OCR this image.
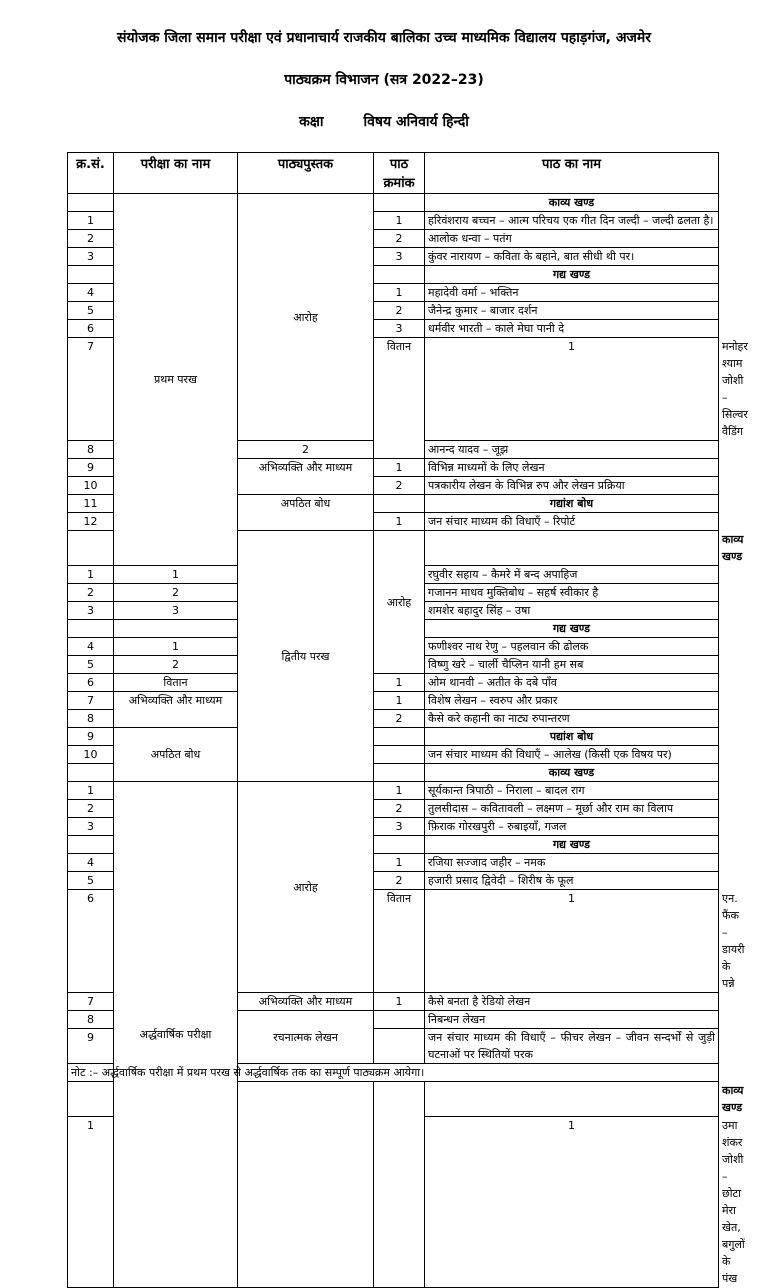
संयोजक जिला समान परीक्षा एवं प्रधानाचार्य राजकीय बालिका उच्च माध्यमिक विद्यालय पहाड़गंज, अजमेर
पाठ्यक्रम विभाजन (सत्र 2022–23)
कक्षा	विषय अनिवार्य हिन्दी
क्र.सं.	परीक्षा का नाम	पाठ्यपुस्तक	पाठ क्रमांक	पाठ का नाम	
	प्रथम परख	आरोह		काव्य खण्ड	
1			1	हरिवंशराय बच्चन – आत्म परिचय एक गीत दिन जल्दी – जल्दी ढलता है।	
2			2	आलोक धन्वा – पतंग	
3			3	कुंवर नारायण – कविता के बहाने, बात सीधी थी पर।	
				गद्य खण्ड	
4			1	महादेवी वर्मा – भक्तिन	
5			2	जैनेन्द्र कुमार – बाजार दर्शन	
6			3	धर्मवीर भारती – काले मेघा पानी दे	
7			वितान	1	मनोहर श्याम जोशी – सिल्वर वैडिंग
8		2		आनन्द यादव – जूझ	
9		अभिव्यक्ति और माध्यम	1	विभिन्न माध्यमों के लिए लेखन	
10			2	पत्रकारीय लेखन के विभिन्न रुप और लेखन प्रक्रिया	
11		अपठित बोध		गद्यांश बोध	
12			1	जन संचार माध्यम की विधाएँ – रिपोर्ट	
		द्वितीय परख	आरोह		काव्य खण्ड
1	1			रघुवीर सहाय – कैमरे में बन्द अपाहिज	
2	2			गजानन माधव मुक्तिबोध – सहर्ष स्वीकार है	
3	3			शमशेर बहादुर सिंह – उषा	
				गद्य खण्ड	
4	1			फणीश्वर नाथ रेणु – पहलवान की ढोलक	
5	2			विष्णु खरे – चार्ली चैप्लिन यानी हम सब	
6	वितान		1	ओम थानवी – अतीत के दबे पाँव	
7	अभिव्यक्ति और माध्यम		1	विशेष लेखन – स्वरुप और प्रकार	
8			2	कैसे करे कहानी का नाट्य रुपान्तरण	
9	अपठित बोध			पद्यांश बोध	
10				जन संचार माध्यम की विधाएँ – आलेख (किसी एक विषय पर)	
				काव्य खण्ड	
1	अर्द्धवार्षिक परीक्षा	आरोह	1	सूर्यकान्त त्रिपाठी – निराला – बादल राग	
2			2	तुलसीदास – कवितावली – लक्ष्मण – मूर्छा और राम का विलाप	
3			3	फ़िराक गोरखपुरी – रुबाइयाँ, गजल	
				गद्य खण्ड	
4			1	रजिया सज्जाद जहीर – नमक	
5			2	हजारी प्रसाद द्विवेदी – शिरीष के फूल	
6			वितान	1	एन. फैंक – डायरी के पन्ने
7		अभिव्यक्ति और माध्यम	1	कैसे बनता है रेडियो लेखन	
8		रचनात्मक लेखन		निबन्धन लेखन	
9				जन संचार माध्यम की विधाएँ – फीचर लेखन – जीवन सन्दर्भों से जुड़ी घटनाओं पर स्थितियों परक	
नोट :– अर्द्धवार्षिक परीक्षा में प्रथम परख से अर्द्धवार्षिक तक का सम्पूर्ण पाठ्यक्रम आयेगा।					
					काव्य खण्ड
1				1	उमा शंकर जोशी – छोटा मेरा खेत, बगुलों के पंख
